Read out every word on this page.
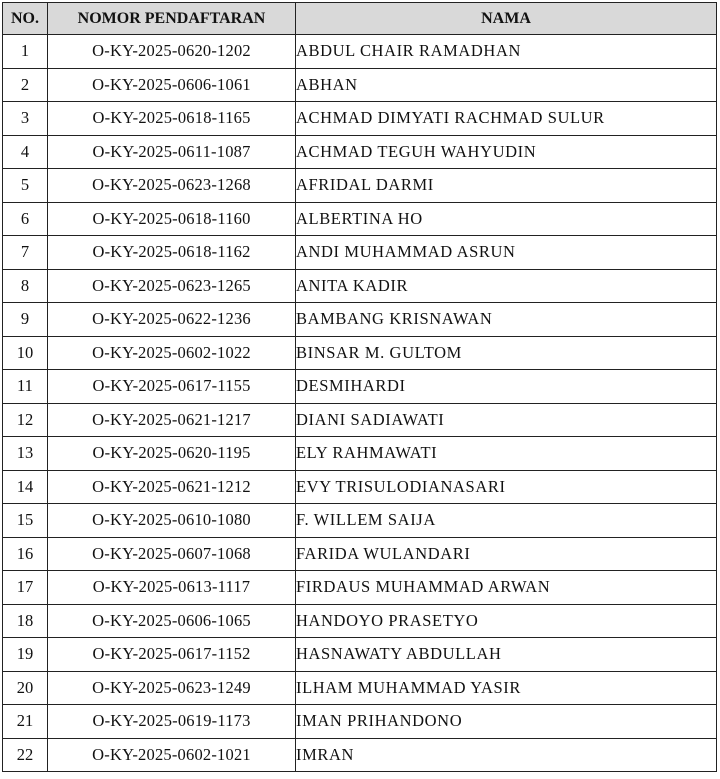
NO.	NOMOR PENDAFTARAN	NAMA
1	O-KY-2025-0620-1202	ABDUL CHAIR RAMADHAN
2	O-KY-2025-0606-1061	ABHAN
3	O-KY-2025-0618-1165	ACHMAD DIMYATI RACHMAD SULUR
4	O-KY-2025-0611-1087	ACHMAD TEGUH WAHYUDIN
5	O-KY-2025-0623-1268	AFRIDAL DARMI
6	O-KY-2025-0618-1160	ALBERTINA HO
7	O-KY-2025-0618-1162	ANDI MUHAMMAD ASRUN
8	O-KY-2025-0623-1265	ANITA KADIR
9	O-KY-2025-0622-1236	BAMBANG KRISNAWAN
10	O-KY-2025-0602-1022	BINSAR M. GULTOM
11	O-KY-2025-0617-1155	DESMIHARDI
12	O-KY-2025-0621-1217	DIANI SADIAWATI
13	O-KY-2025-0620-1195	ELY RAHMAWATI
14	O-KY-2025-0621-1212	EVY TRISULODIANASARI
15	O-KY-2025-0610-1080	F. WILLEM SAIJA
16	O-KY-2025-0607-1068	FARIDA WULANDARI
17	O-KY-2025-0613-1117	FIRDAUS MUHAMMAD ARWAN
18	O-KY-2025-0606-1065	HANDOYO PRASETYO
19	O-KY-2025-0617-1152	HASNAWATY ABDULLAH
20	O-KY-2025-0623-1249	ILHAM MUHAMMAD YASIR
21	O-KY-2025-0619-1173	IMAN PRIHANDONO
22	O-KY-2025-0602-1021	IMRAN
